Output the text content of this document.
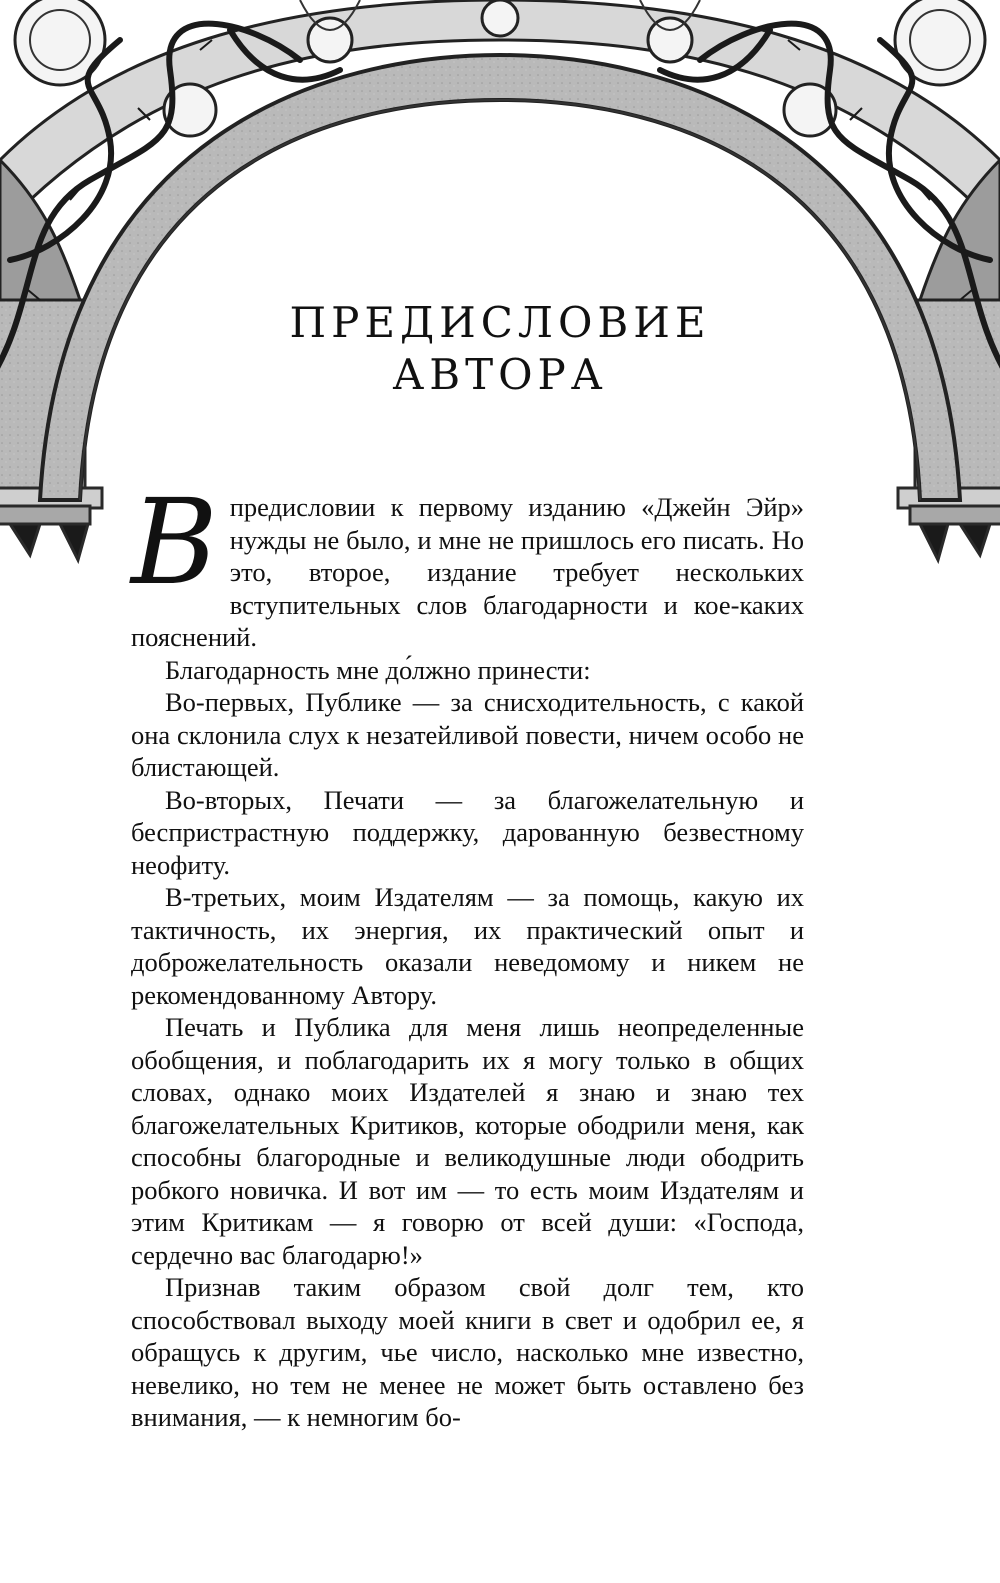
ПРЕДИСЛОВИЕ
АВТОРА

В предисловии к первому изданию «Джейн Эйр» нужды не было, и мне не пришлось его писать. Но это, второе, издание требует нескольких вступительных слов благодарности и кое-каких пояснений.

Благодарность мне до́лжно принести:

Во-первых, Публике — за снисходительность, с какой она склонила слух к незатейливой повести, ничем особо не блистающей.

Во-вторых, Печати — за благожелательную и беспристрастную поддержку, дарованную безвестному неофиту.

В-третьих, моим Издателям — за помощь, какую их тактичность, их энергия, их практический опыт и доброжелательность оказали неведомому и никем не рекомендованному Автору.

Печать и Публика для меня лишь неопределенные обобщения, и поблагодарить их я могу только в общих словах, однако моих Издателей я знаю и знаю тех благожелательных Критиков, которые ободрили меня, как способны благородные и великодушные люди ободрить робкого новичка. И вот им — то есть моим Издателям и этим Критикам — я говорю от всей души: «Господа, сердечно вас благодарю!»

Признав таким образом свой долг тем, кто способствовал выходу моей книги в свет и одобрил ее, я обращусь к другим, чье число, насколько мне известно, невелико, но тем не менее не может быть оставлено без внимания, — к немногим бо-
